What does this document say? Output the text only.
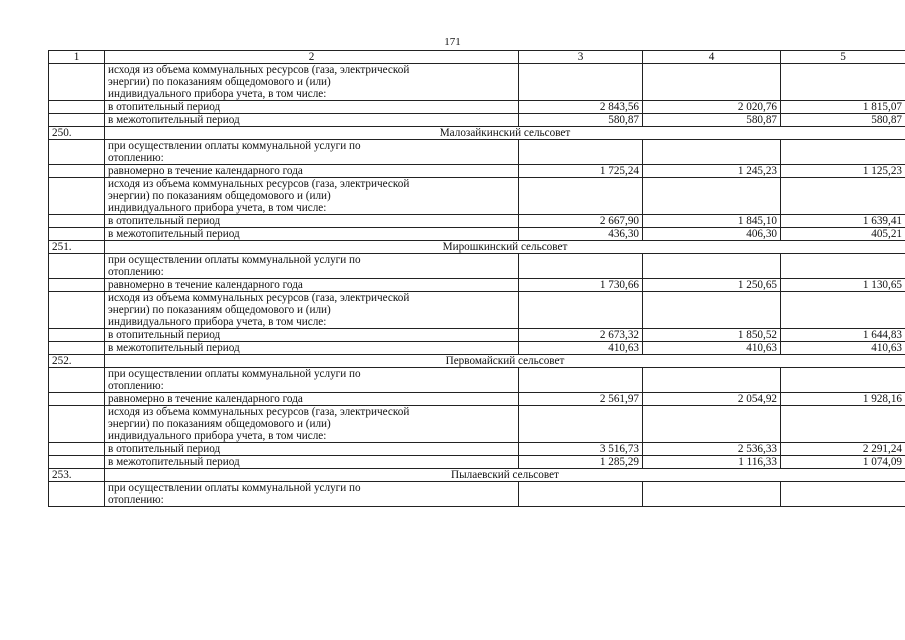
171
1	2	3	4	5

	исходя из объема коммунальных ресурсов (газа, электрической
энергии) по показаниям общедомового и (или)
индивидуального прибора учета, в том числе:			

	в отопительный период	2 843,56	2 020,76	1 815,07
	в межотопительный период	580,87	580,87	580,87
250.	Малозайкинский сельсовет			

	при осуществлении оплаты коммунальной услуги по
отоплению:			

	равномерно в течение календарного года	1 725,24	1 245,23	1 125,23

	исходя из объема коммунальных ресурсов (газа, электрической
энергии) по показаниям общедомового и (или)
индивидуального прибора учета, в том числе:			

	в отопительный период	2 667,90	1 845,10	1 639,41
	в межотопительный период	436,30	406,30	405,21
251.	Мирошкинский сельсовет			

	при осуществлении оплаты коммунальной услуги по
отоплению:			

	равномерно в течение календарного года	1 730,66	1 250,65	1 130,65

	исходя из объема коммунальных ресурсов (газа, электрической
энергии) по показаниям общедомового и (или)
индивидуального прибора учета, в том числе:			

	в отопительный период	2 673,32	1 850,52	1 644,83
	в межотопительный период	410,63	410,63	410,63
252.	Первомайский сельсовет			

	при осуществлении оплаты коммунальной услуги по
отоплению:			

	равномерно в течение календарного года	2 561,97	2 054,92	1 928,16

	исходя из объема коммунальных ресурсов (газа, электрической
энергии) по показаниям общедомового и (или)
индивидуального прибора учета, в том числе:			

	в отопительный период	3 516,73	2 536,33	2 291,24
	в межотопительный период	1 285,29	1 116,33	1 074,09
253.	Пылаевский сельсовет			

	при осуществлении оплаты коммунальной услуги по
отоплению:			
